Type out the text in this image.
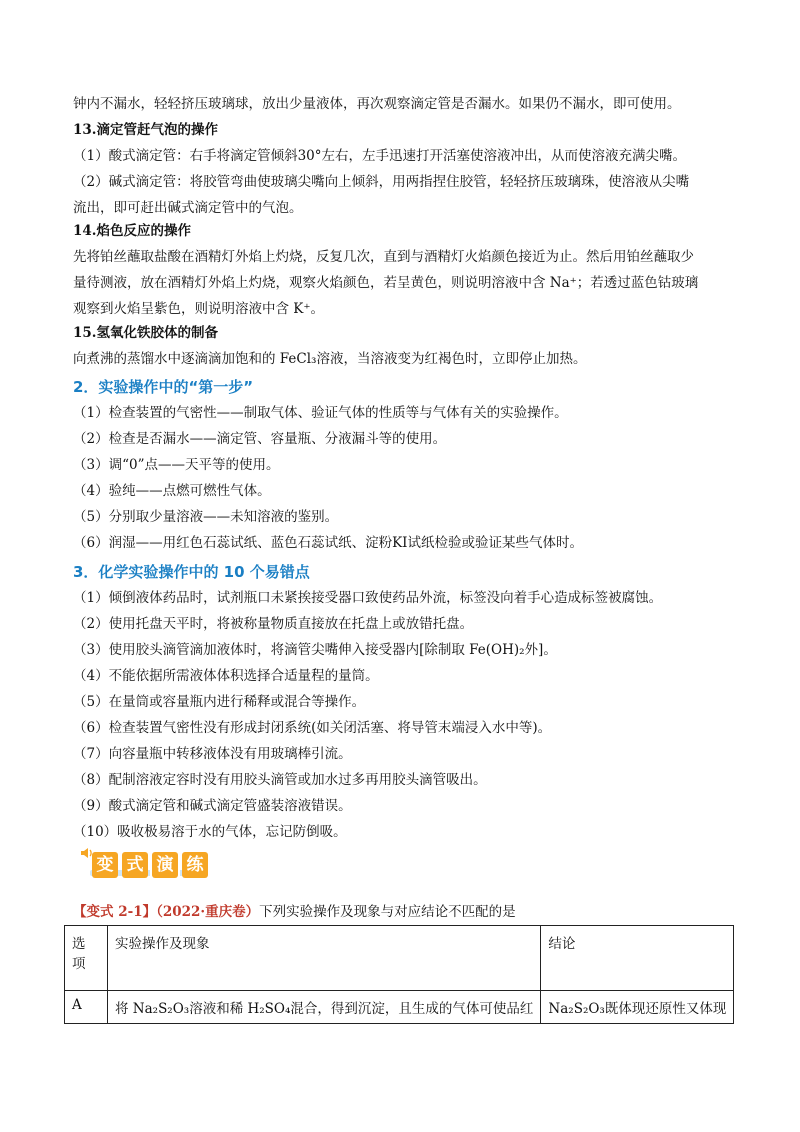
钟内不漏水，轻轻挤压玻璃球，放出少量液体，再次观察滴定管是否漏水。如果仍不漏水，即可使用。
13.滴定管赶气泡的操作
（1）酸式滴定管：右手将滴定管倾斜30°左右，左手迅速打开活塞使溶液冲出，从而使溶液充满尖嘴。
（2）碱式滴定管：将胶管弯曲使玻璃尖嘴向上倾斜，用两指捏住胶管，轻轻挤压玻璃珠，使溶液从尖嘴
流出，即可赶出碱式滴定管中的气泡。
14.焰色反应的操作
先将铂丝蘸取盐酸在酒精灯外焰上灼烧，反复几次，直到与酒精灯火焰颜色接近为止。然后用铂丝蘸取少
量待测液，放在酒精灯外焰上灼烧，观察火焰颜色，若呈黄色，则说明溶液中含 Na⁺；若透过蓝色钴玻璃
观察到火焰呈紫色，则说明溶液中含 K⁺。
15.氢氧化铁胶体的制备
向煮沸的蒸馏水中逐滴滴加饱和的 FeCl₃溶液，当溶液变为红褐色时，立即停止加热。
2．实验操作中的“第一步”
（1）检查装置的气密性——制取气体、验证气体的性质等与气体有关的实验操作。
（2）检查是否漏水——滴定管、容量瓶、分液漏斗等的使用。
（3）调“0”点——天平等的使用。
（4）验纯——点燃可燃性气体。
（5）分别取少量溶液——未知溶液的鉴别。
（6）润湿——用红色石蕊试纸、蓝色石蕊试纸、淀粉KI试纸检验或验证某些气体时。
3．化学实验操作中的 10 个易错点
（1）倾倒液体药品时，试剂瓶口未紧挨接受器口致使药品外流，标签没向着手心造成标签被腐蚀。
（2）使用托盘天平时，将被称量物质直接放在托盘上或放错托盘。
（3）使用胶头滴管滴加液体时，将滴管尖嘴伸入接受器内[除制取 Fe(OH)₂外]。
（4）不能依据所需液体体积选择合适量程的量筒。
（5）在量筒或容量瓶内进行稀释或混合等操作。
（6）检查装置气密性没有形成封闭系统(如关闭活塞、将导管末端浸入水中等)。
（7）向容量瓶中转移液体没有用玻璃棒引流。
（8）配制溶液定容时没有用胶头滴管或加水过多再用胶头滴管吸出。
（9）酸式滴定管和碱式滴定管盛装溶液错误。
（10）吸收极易溶于水的气体，忘记防倒吸。
变 式 演 练
【变式 2-1】（2022·重庆卷）下列实验操作及现象与对应结论不匹配的是
选项	实验操作及现象	结论
A	将 Na₂S₂O₃溶液和稀 H₂SO₄混合，得到沉淀，且生成的气体可使品红	Na₂S₂O₃既体现还原性又体现
